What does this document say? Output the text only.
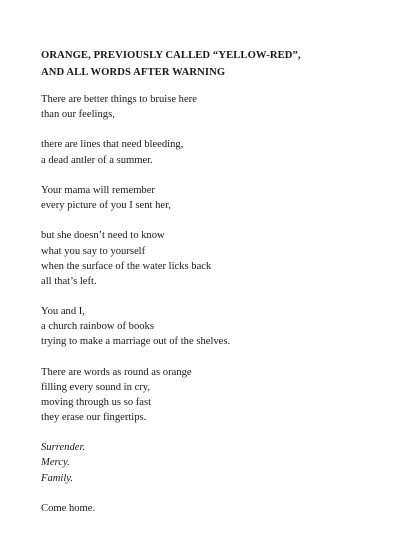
ORANGE, PREVIOUSLY CALLED “YELLOW-RED”,
AND ALL WORDS AFTER WARNING
There are better things to bruise here
than our feelings,
there are lines that need bleeding,
a dead antler of a summer.
Your mama will remember
every picture of you I sent her,
but she doesn’t need to know
what you say to yourself
when the surface of the water licks back
all that’s left.
You and I,
a church rainbow of books
trying to make a marriage out of the shelves.
There are words as round as orange
filling every sound in cry,
moving through us so fast
they erase our fingertips.
Surrender.
Mercy.
Family.
Come home.
